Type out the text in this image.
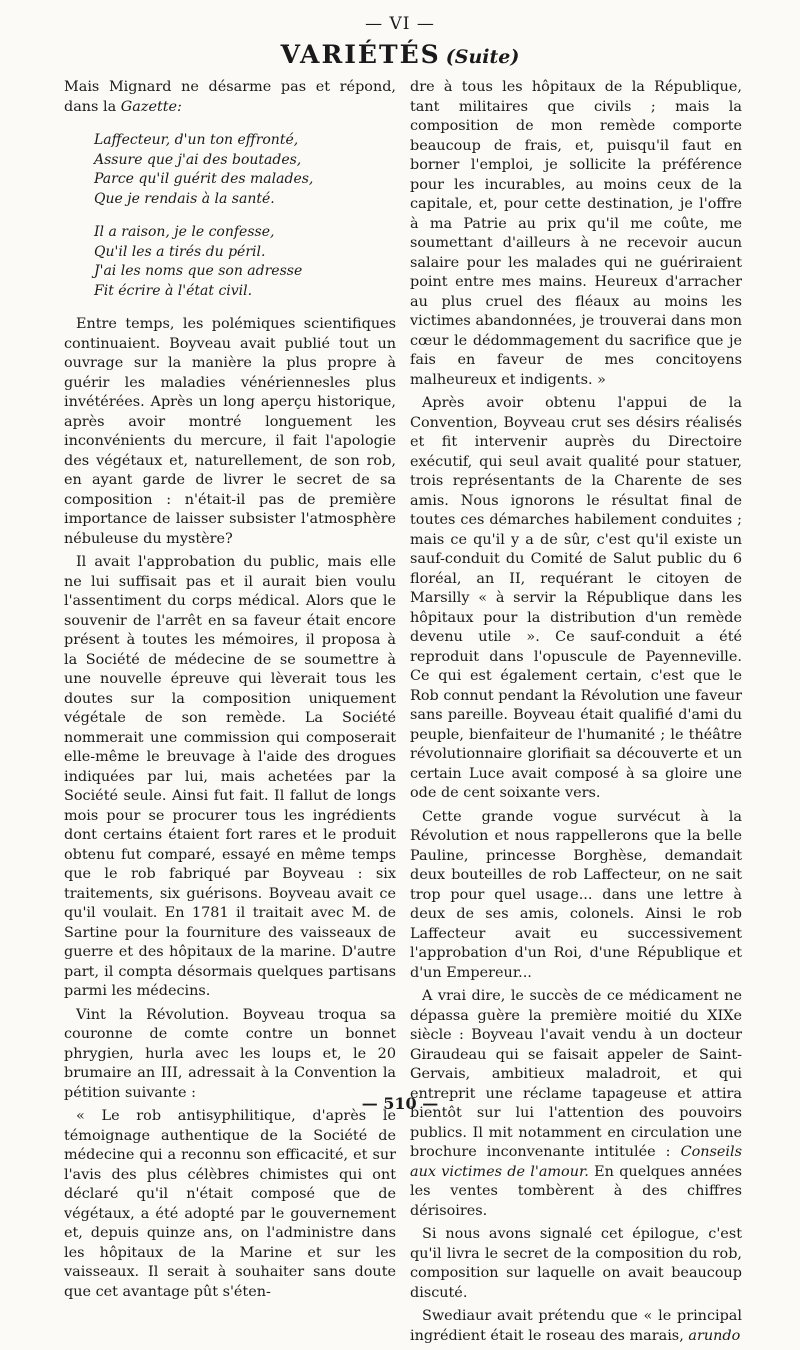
— VI —
VARIÉTÉS (Suite)

Mais Mignard ne désarme pas et répond, dans la Gazette:

Laffecteur, d'un ton effronté,
Assure que j'ai des boutades,
Parce qu'il guérit des malades,
Que je rendais à la santé.
Il a raison, je le confesse,
Qu'il les a tirés du péril.
J'ai les noms que son adresse
Fit écrire à l'état civil.

Entre temps, les polémiques scientifiques continuaient. Boyveau avait publié tout un ouvrage sur la manière la plus propre à guérir les maladies vénériennesles plus invétérées. Après un long aperçu historique, après avoir montré longuement les inconvénients du mercure, il fait l'apologie des végétaux et, naturellement, de son rob, en ayant garde de livrer le secret de sa composition : n'était-il pas de première importance de laisser subsister l'atmosphère nébuleuse du mystère?

Il avait l'approbation du public, mais elle ne lui suffisait pas et il aurait bien voulu l'assentiment du corps médical. Alors que le souvenir de l'arrêt en sa faveur était encore présent à toutes les mémoires, il proposa à la Société de médecine de se soumettre à une nouvelle épreuve qui lèverait tous les doutes sur la composition uniquement végétale de son remède. La Société nommerait une commission qui composerait elle-même le breuvage à l'aide des drogues indiquées par lui, mais achetées par la Société seule. Ainsi fut fait. Il fallut de longs mois pour se procurer tous les ingrédients dont certains étaient fort rares et le produit obtenu fut comparé, essayé en même temps que le rob fabriqué par Boyveau : six traitements, six guérisons. Boyveau avait ce qu'il voulait. En 1781 il traitait avec M. de Sartine pour la fourniture des vaisseaux de guerre et des hôpitaux de la marine. D'autre part, il compta désormais quelques partisans parmi les médecins.

Vint la Révolution. Boyveau troqua sa couronne de comte contre un bonnet phrygien, hurla avec les loups et, le 20 brumaire an III, adressait à la Convention la pétition suivante :

« Le rob antisyphilitique, d'après le témoignage authentique de la Société de médecine qui a reconnu son efficacité, et sur l'avis des plus célèbres chimistes qui ont déclaré qu'il n'était composé que de végétaux, a été adopté par le gouvernement et, depuis quinze ans, on l'administre dans les hôpitaux de la Marine et sur les vaisseaux. Il serait à souhaiter sans doute que cet avantage pût s'éten-

dre à tous les hôpitaux de la République, tant militaires que civils ; mais la composition de mon remède comporte beaucoup de frais, et, puisqu'il faut en borner l'emploi, je sollicite la préférence pour les incurables, au moins ceux de la capitale, et, pour cette destination, je l'offre à ma Patrie au prix qu'il me coûte, me soumettant d'ailleurs à ne recevoir aucun salaire pour les malades qui ne guériraient point entre mes mains. Heureux d'arracher au plus cruel des fléaux au moins les victimes abandonnées, je trouverai dans mon cœur le dédommagement du sacrifice que je fais en faveur de mes concitoyens malheureux et indigents. »

Après avoir obtenu l'appui de la Convention, Boyveau crut ses désirs réalisés et fit intervenir auprès du Directoire exécutif, qui seul avait qualité pour statuer, trois représentants de la Charente de ses amis. Nous ignorons le résultat final de toutes ces démarches habilement conduites ; mais ce qu'il y a de sûr, c'est qu'il existe un sauf-conduit du Comité de Salut public du 6 floréal, an II, requérant le citoyen de Marsilly « à servir la République dans les hôpitaux pour la distribution d'un remède devenu utile ». Ce sauf-conduit a été reproduit dans l'opuscule de Payenneville. Ce qui est également certain, c'est que le Rob connut pendant la Révolution une faveur sans pareille. Boyveau était qualifié d'ami du peuple, bienfaiteur de l'humanité ; le théâtre révolutionnaire glorifiait sa découverte et un certain Luce avait composé à sa gloire une ode de cent soixante vers.

Cette grande vogue survécut à la Révolution et nous rappellerons que la belle Pauline, princesse Borghèse, demandait deux bouteilles de rob Laffecteur, on ne sait trop pour quel usage... dans une lettre à deux de ses amis, colonels. Ainsi le rob Laffecteur avait eu successivement l'approbation d'un Roi, d'une République et d'un Empereur...

A vrai dire, le succès de ce médicament ne dépassa guère la première moitié du XIXe siècle : Boyveau l'avait vendu à un docteur Giraudeau qui se faisait appeler de Saint-Gervais, ambitieux maladroit, et qui entreprit une réclame tapageuse et attira bientôt sur lui l'attention des pouvoirs publics. Il mit notamment en circulation une brochure inconvenante intitulée : Conseils aux victimes de l'amour. En quelques années les ventes tombèrent à des chiffres dérisoires.

Si nous avons signalé cet épilogue, c'est qu'il livra le secret de la composition du rob, composition sur laquelle on avait beaucoup discuté.

Swediaur avait prétendu que « le principal ingrédient était le roseau des marais, arundo

— 510 —
